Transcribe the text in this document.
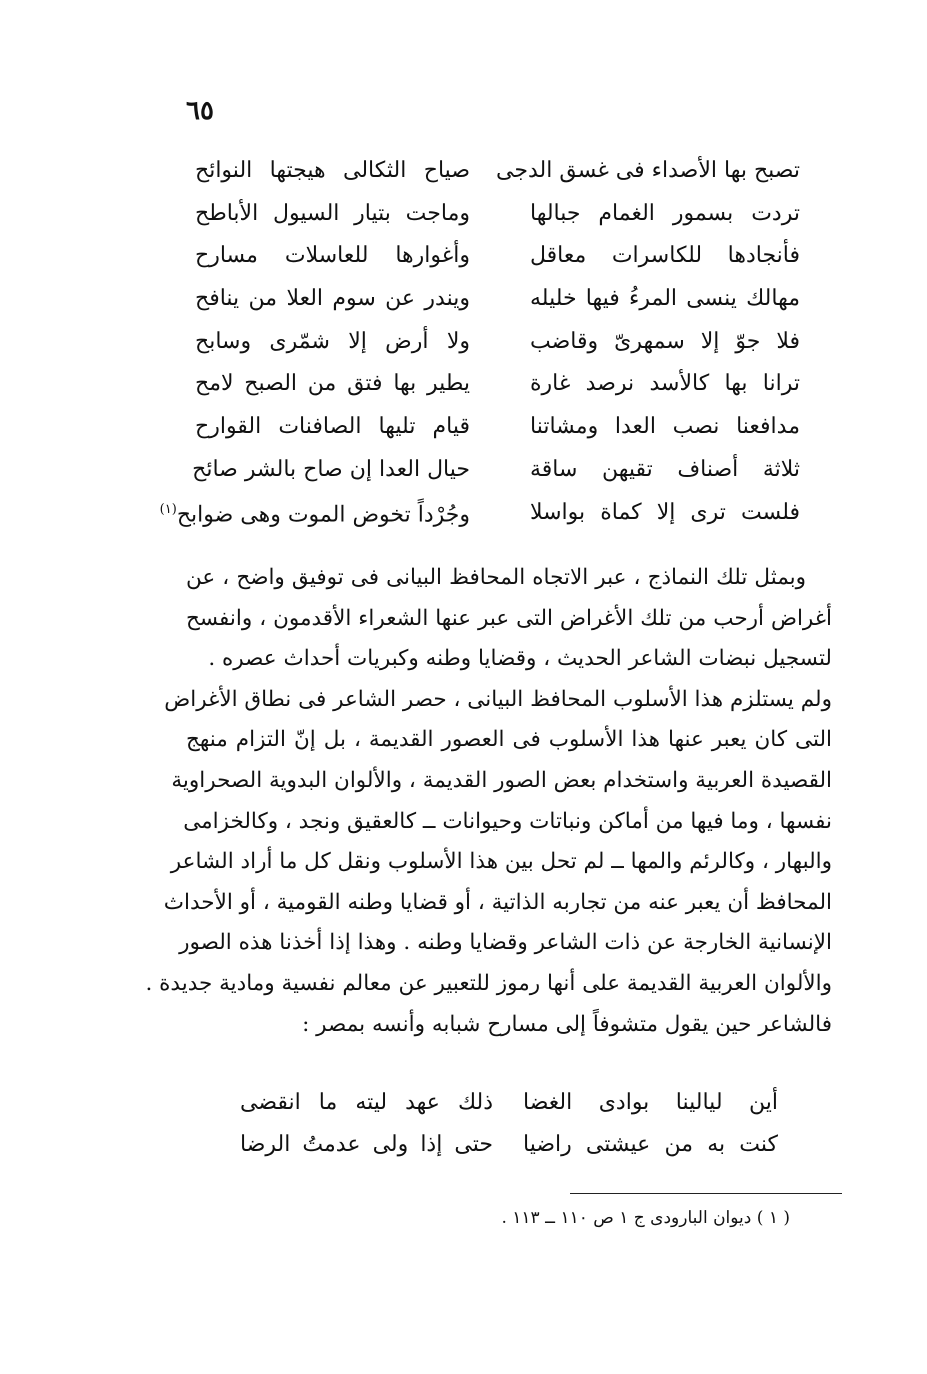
٦٥
تصبح بها الأصداء فى غسق الدجى
صياح الثكالى هيجتها النوائح
تردت بسمور الغمام جبالها
وماجت بتيار السيول الأباطح
فأنجادها للكاسرات معاقل
وأغوارها للعاسلات مسارح
مهالك ينسى المرءُ فيها خليله
ويندر عن سوم العلا من ينافح
فلا جوّ إلا سمهرىّ وقاضب
ولا أرض إلا شمّرى وسابح
ترانا بها كالأسد نرصد غارة
يطير بها فتق من الصبح لامح
مدافعنا نصب العدا ومشاتنا
قيام تليها الصافنات القوارح
ثلاثة أصناف تقيهن ساقة
حيال العدا إن صاح بالشر صائح
فلست ترى إلا كماة بواسلا
وجُرْداً تخوض الموت وهى ضوابح$^{(١)}$
وبمثل تلك النماذج ، عبر الاتجاه المحافظ البيانى فى توفيق واضح ، عن
أغراض أرحب من تلك الأغراض التى عبر عنها الشعراء الأقدمون ، وانفسح
لتسجيل نبضات الشاعر الحديث ، وقضايا وطنه وكبريات أحداث عصره .
ولم يستلزم هذا الأسلوب المحافظ البيانى ، حصر الشاعر فى نطاق الأغراض
التى كان يعبر عنها هذا الأسلوب فى العصور القديمة ، بل إنّ التزام منهج
القصيدة العربية واستخدام بعض الصور القديمة ، والألوان البدوية الصحراوية
نفسها ، وما فيها من أماكن ونباتات وحيوانات ــ كالعقيق ونجد ، وكالخزامى
والبهار ، وكالرئم والمها ــ لم تحل بين هذا الأسلوب ونقل كل ما أراد الشاعر
المحافظ أن يعبر عنه من تجاربه الذاتية ، أو قضايا وطنه القومية ، أو الأحداث
الإنسانية الخارجة عن ذات الشاعر وقضايا وطنه . وهذا إذا أخذنا هذه الصور
والألوان العربية القديمة على أنها رموز للتعبير عن معالم نفسية ومادية جديدة .
فالشاعر حين يقول متشوفاً إلى مسارح شبابه وأنسه بمصر :
أين ليالينا بوادى الغضا
ذلك عهد ليته ما انقضى
كنت به من عيشتى راضيا
حتى إذا ولى عدمتُ الرضا
( ١ ) ديوان البارودى ج ١ ص ١١٠ ــ ١١٣ .
